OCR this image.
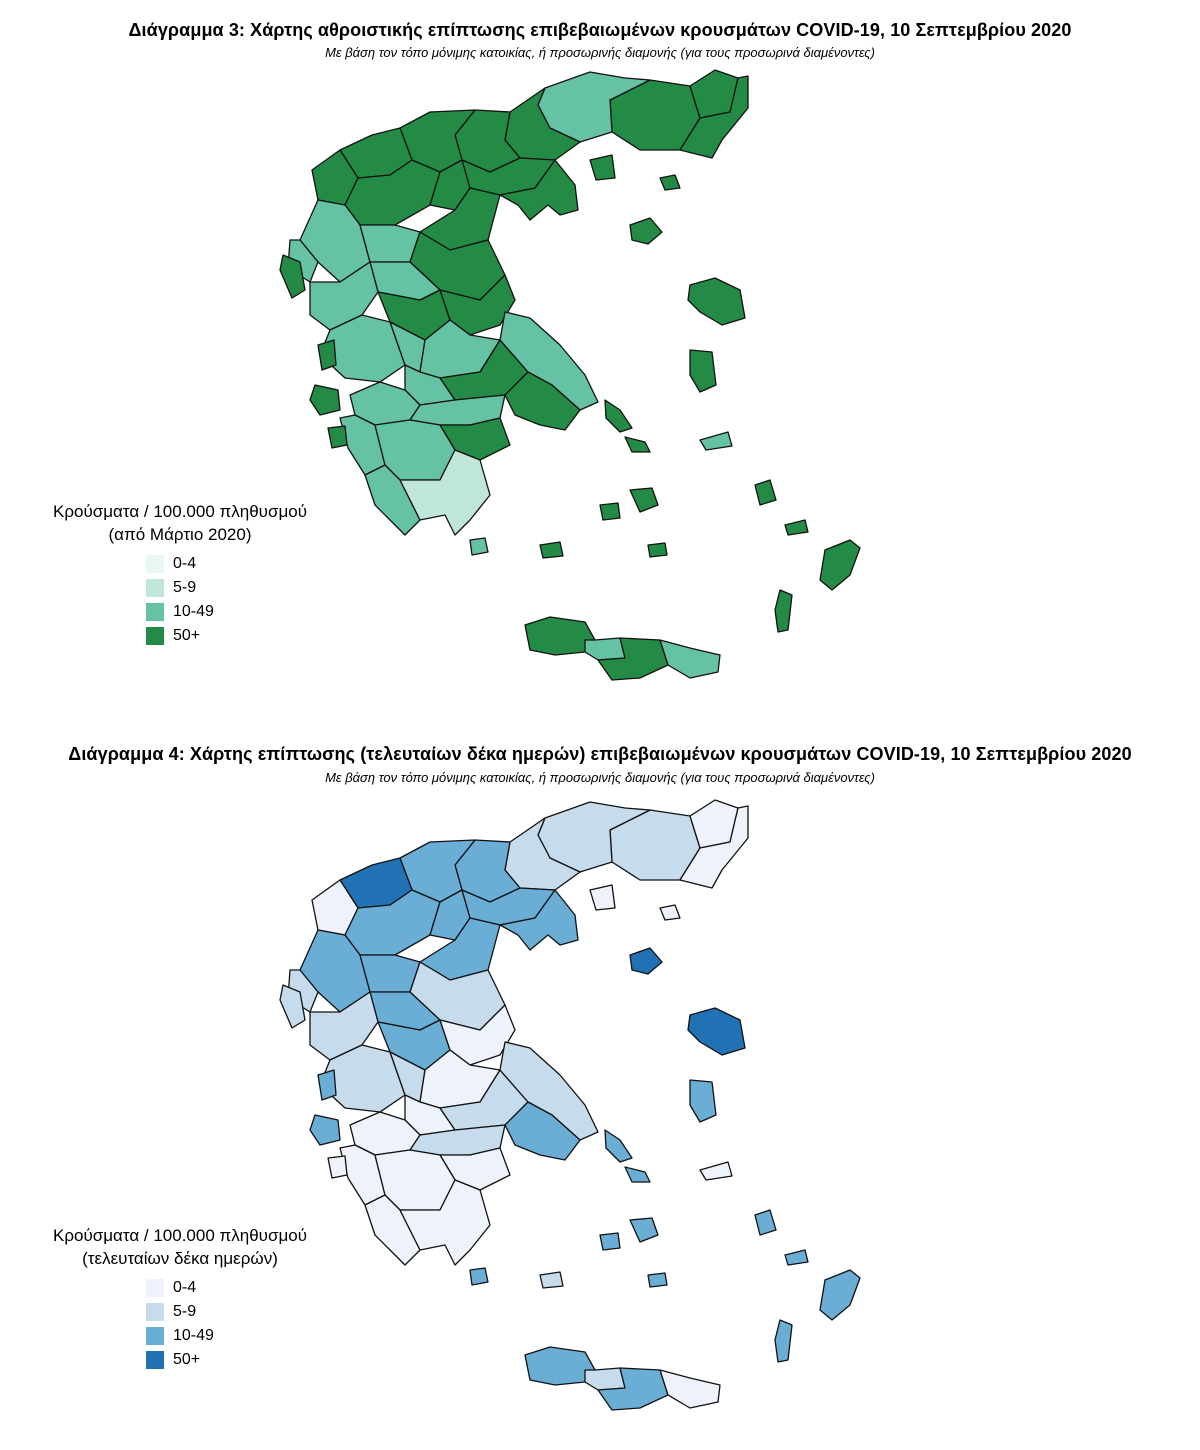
Διάγραμμα 3: Χάρτης αθροιστικής επίπτωσης επιβεβαιωμένων κρουσμάτων COVID-19, 10 Σεπτεμβρίου 2020
Με βάση τον τόπο μόνιμης κατοικίας, ή προσωρινής διαμονής (για τους προσωρινά διαμένοντες)
Κρούσματα / 100.000 πληθυσμού
(από Μάρτιο 2020)
0-4
5-9
10-49
50+
Διάγραμμα 4: Χάρτης επίπτωσης (τελευταίων δέκα ημερών) επιβεβαιωμένων κρουσμάτων COVID-19, 10 Σεπτεμβρίου 2020
Με βάση τον τόπο μόνιμης κατοικίας, ή προσωρινής διαμονής (για τους προσωρινά διαμένοντες)
Κρούσματα / 100.000 πληθυσμού
(τελευταίων δέκα ημερών)
0-4
5-9
10-49
50+
